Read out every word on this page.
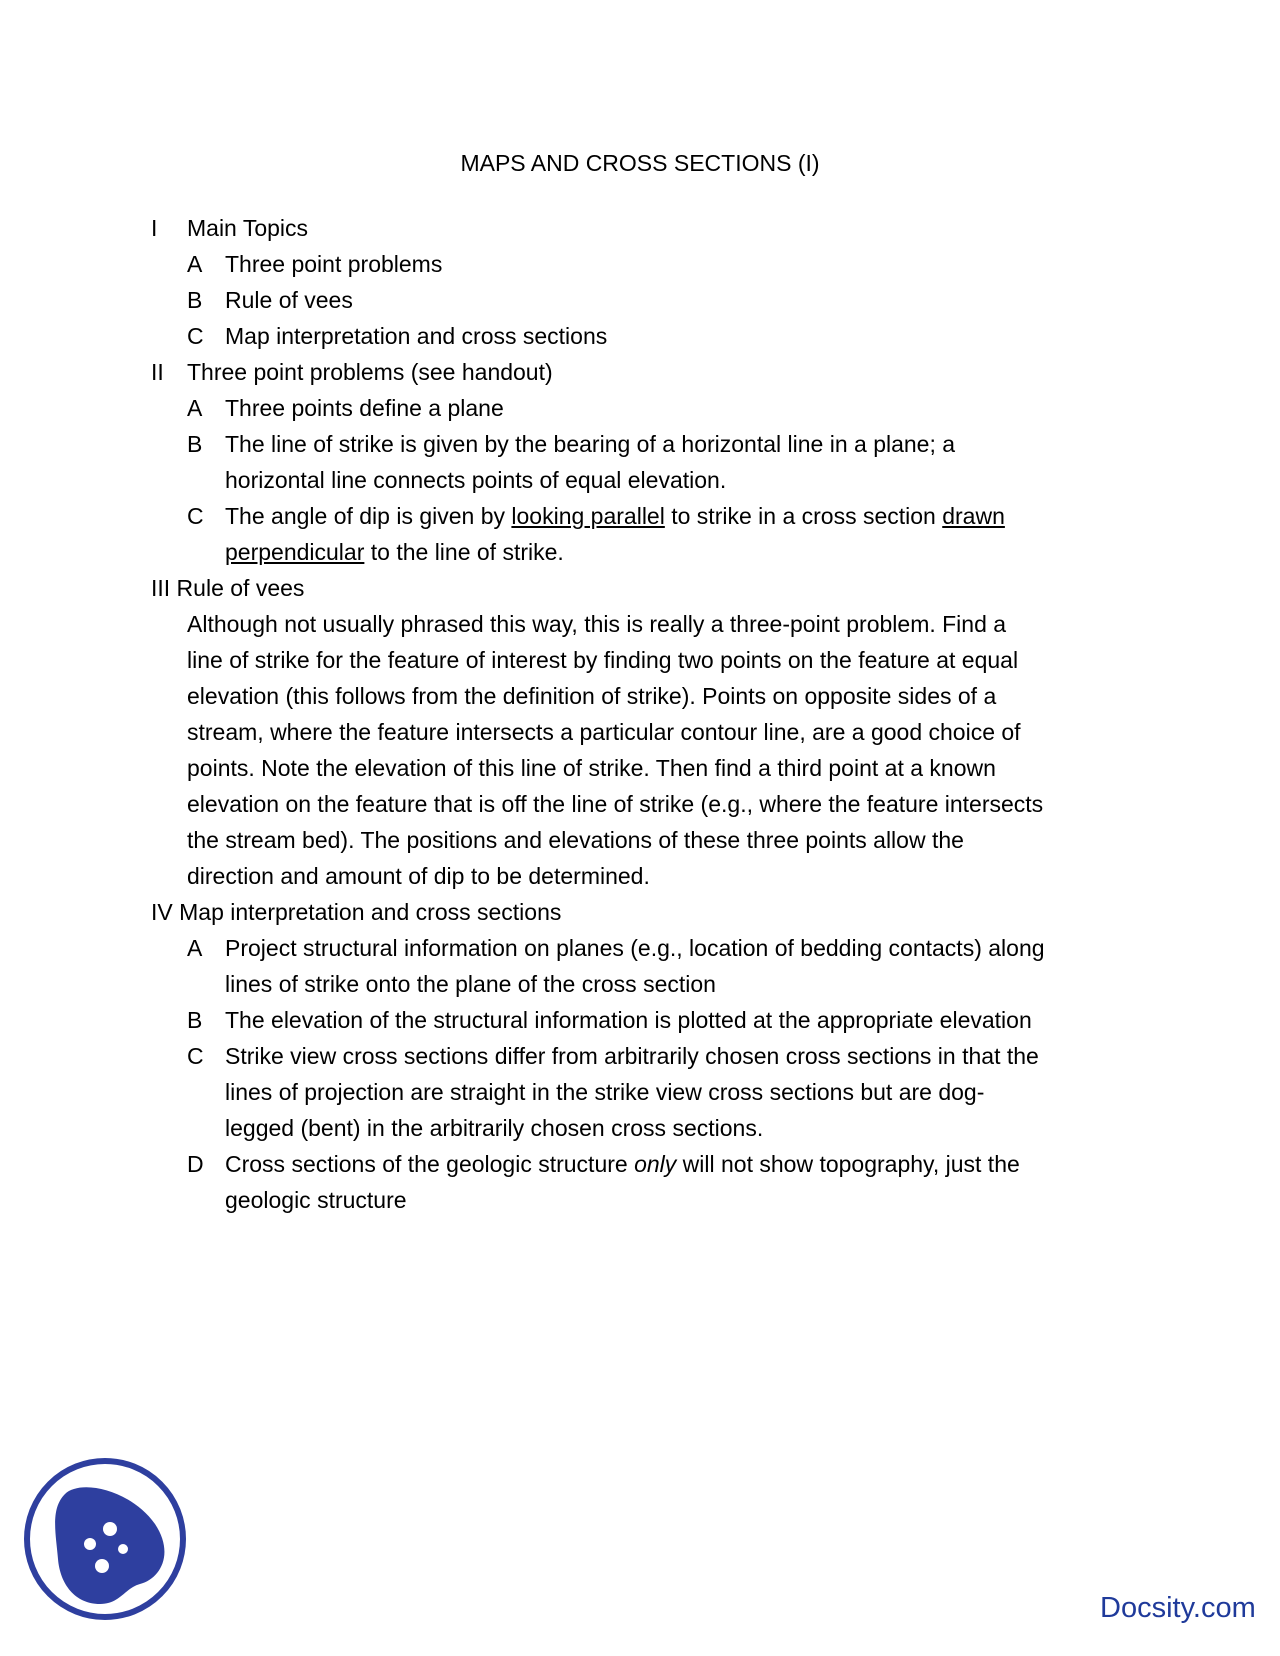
MAPS AND CROSS SECTIONS (I)
I Main Topics
A Three point problems
B Rule of vees
C Map interpretation and cross sections
II Three point problems (see handout)
A Three points define a plane
B The line of strike is given by the bearing of a horizontal line in a plane; a
horizontal line connects points of equal elevation.
C The angle of dip is given by looking parallel to strike in a cross section drawn
perpendicular to the line of strike.
III Rule of vees
Although not usually phrased this way, this is really a three-point problem. Find a
line of strike for the feature of interest by finding two points on the feature at equal
elevation (this follows from the definition of strike). Points on opposite sides of a
stream, where the feature intersects a particular contour line, are a good choice of
points. Note the elevation of this line of strike. Then find a third point at a known
elevation on the feature that is off the line of strike (e.g., where the feature intersects
the stream bed). The positions and elevations of these three points allow the
direction and amount of dip to be determined.
IV Map interpretation and cross sections
A Project structural information on planes (e.g., location of bedding contacts) along
lines of strike onto the plane of the cross section
B The elevation of the structural information is plotted at the appropriate elevation
C Strike view cross sections differ from arbitrarily chosen cross sections in that the
lines of projection are straight in the strike view cross sections but are dog-
legged (bent) in the arbitrarily chosen cross sections.
D Cross sections of the geologic structure only will not show topography, just the
geologic structure
Docsity.com
